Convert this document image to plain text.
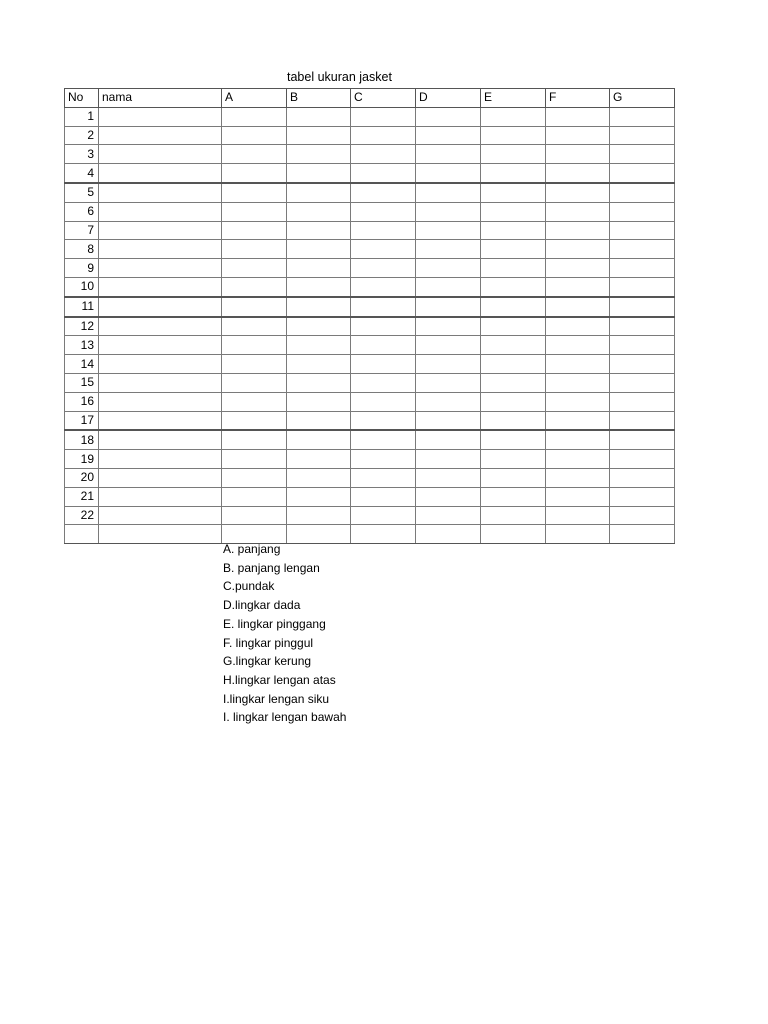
tabel ukuran jasket
No	nama	A	B	C	D	E	F	G
1								
2								
3								
4								
5								
6								
7								
8								
9								
10								
11								
12								
13								
14								
15								
16								
17								
18								
19								
20								
21								
22								

A. panjang
B. panjang lengan
C.pundak
D.lingkar dada
E. lingkar pinggang
F. lingkar pinggul
G.lingkar kerung
H.lingkar lengan atas
I.lingkar lengan siku
I. lingkar lengan bawah
